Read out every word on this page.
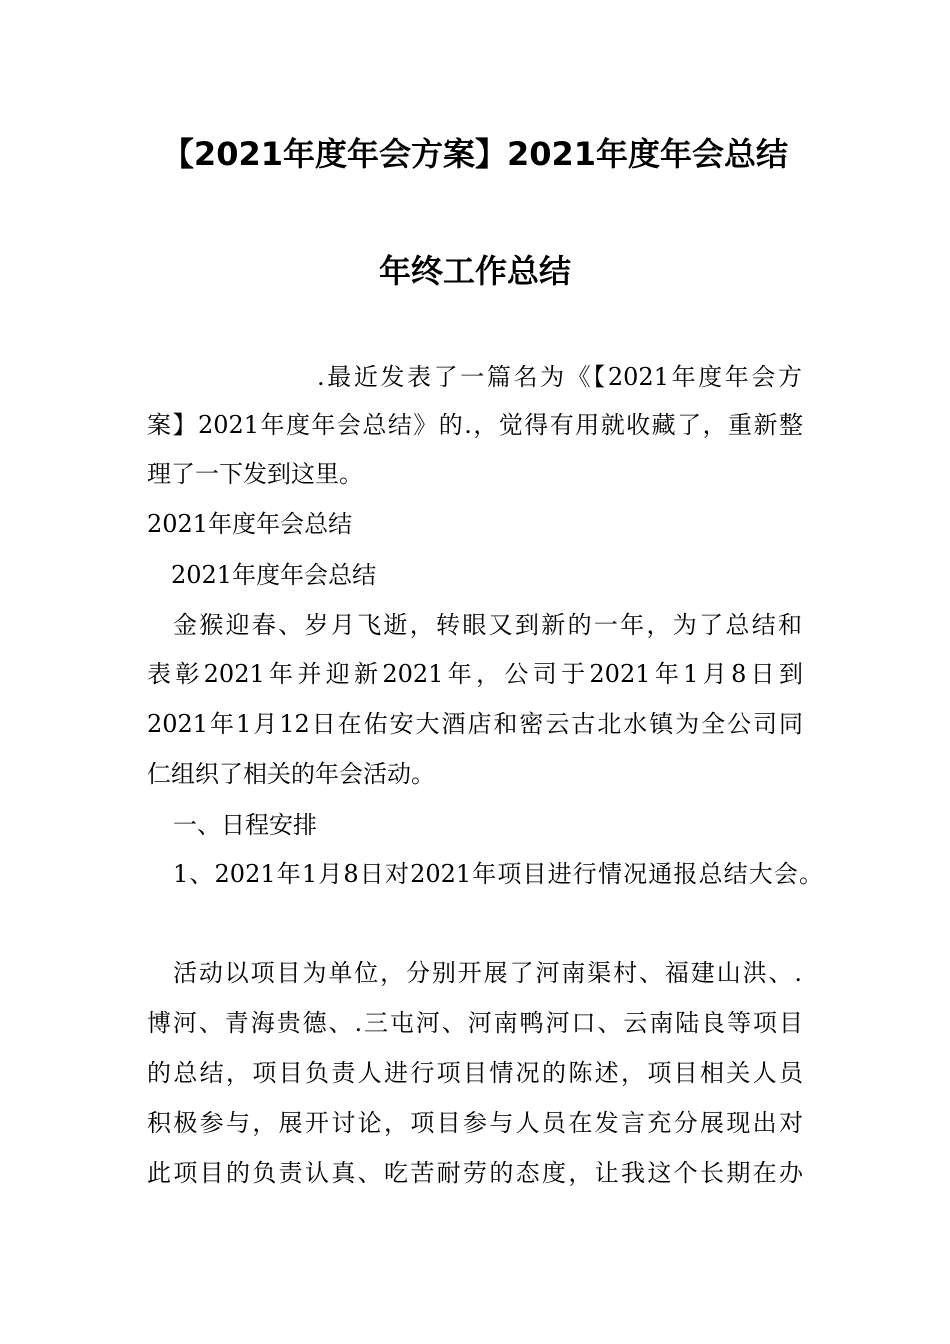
【2021年度年会方案】2021年度年会总结
年终工作总结

.最近发表了一篇名为《【2021年度年会方

案】2021年度年会总结》的.，觉得有用就收藏了，重新整

理了一下发到这里。

2021年度年会总结

2021年度年会总结

金猴迎春、岁月飞逝，转眼又到新的一年，为了总结和

表彰2021年并迎新2021年，公司于2021年1月8日到

2021年1月12日在佑安大酒店和密云古北水镇为全公司同

仁组织了相关的年会活动。

一、日程安排

1、2021年1月8日对2021年项目进行情况通报总结大会。

活动以项目为单位，分别开展了河南渠村、福建山洪、.

博河、青海贵德、.三屯河、河南鸭河口、云南陆良等项目

的总结，项目负责人进行项目情况的陈述，项目相关人员

积极参与，展开讨论，项目参与人员在发言充分展现出对

此项目的负责认真、吃苦耐劳的态度，让我这个长期在办
